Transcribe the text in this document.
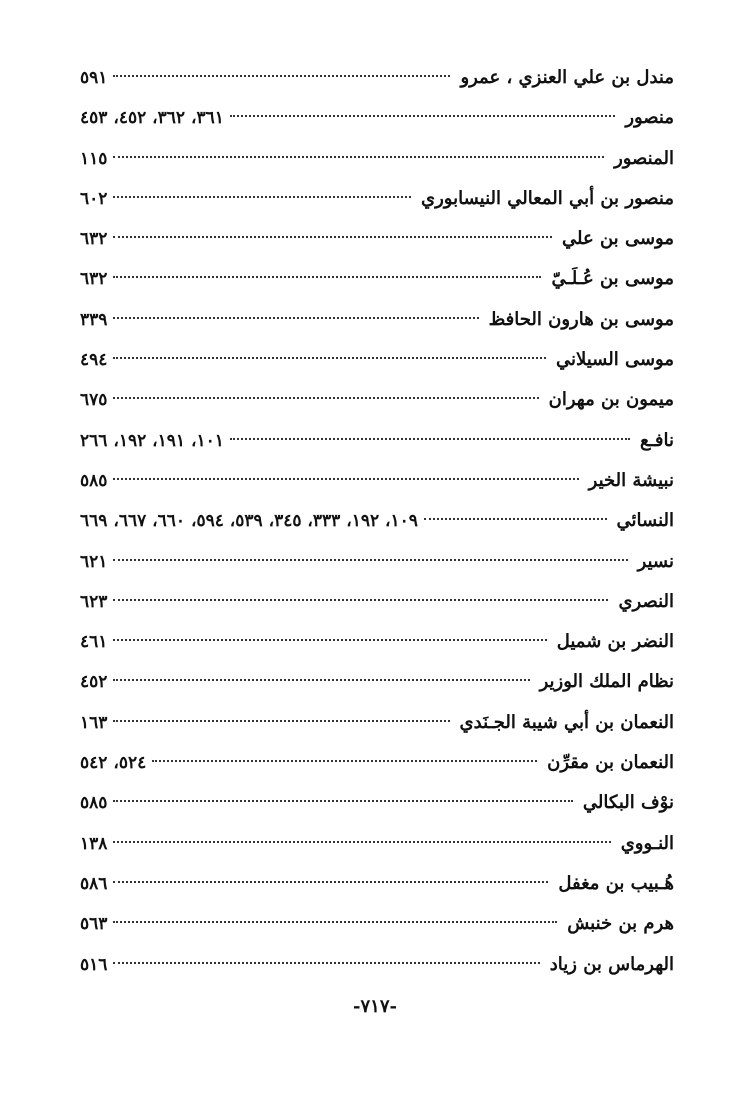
مندل بن علي العنزي ، عمرو
٥٩١
منصور
٣٦١، ٣٦٢، ٤٥٢، ٤٥٣
المنصور
١١٥
منصور بن أبي المعالي النيسابوري
٦٠٢
موسى بن علي
٦٣٢
موسى بن عُـلَـيّ
٦٣٢
موسى بن هارون الحافظ
٣٣٩
موسى السيلاني
٤٩٤
ميمون بن مهران
٦٧٥
نافـع
١٠١، ١٩١، ١٩٢، ٢٦٦
نبيشة الخير
٥٨٥
النسائي
١٠٩، ١٩٢، ٣٣٣، ٣٤٥، ٥٣٩، ٥٩٤، ٦٦٠، ٦٦٧، ٦٦٩
نسير
٦٢١
النصري
٦٢٣
النضر بن شميل
٤٦١
نظام الملك الوزير
٤٥٢
النعمان بن أبي شيبة الجـنَدي
١٦٣
النعمان بن مقرِّن
٥٢٤، ٥٤٢
نوْف البكالي
٥٨٥
النـووي
١٣٨
هُـبيب بن مغفل
٥٨٦
هرم بن خنبش
٥٦٣
الهرماس بن زياد
٥١٦
-٧١٧-
